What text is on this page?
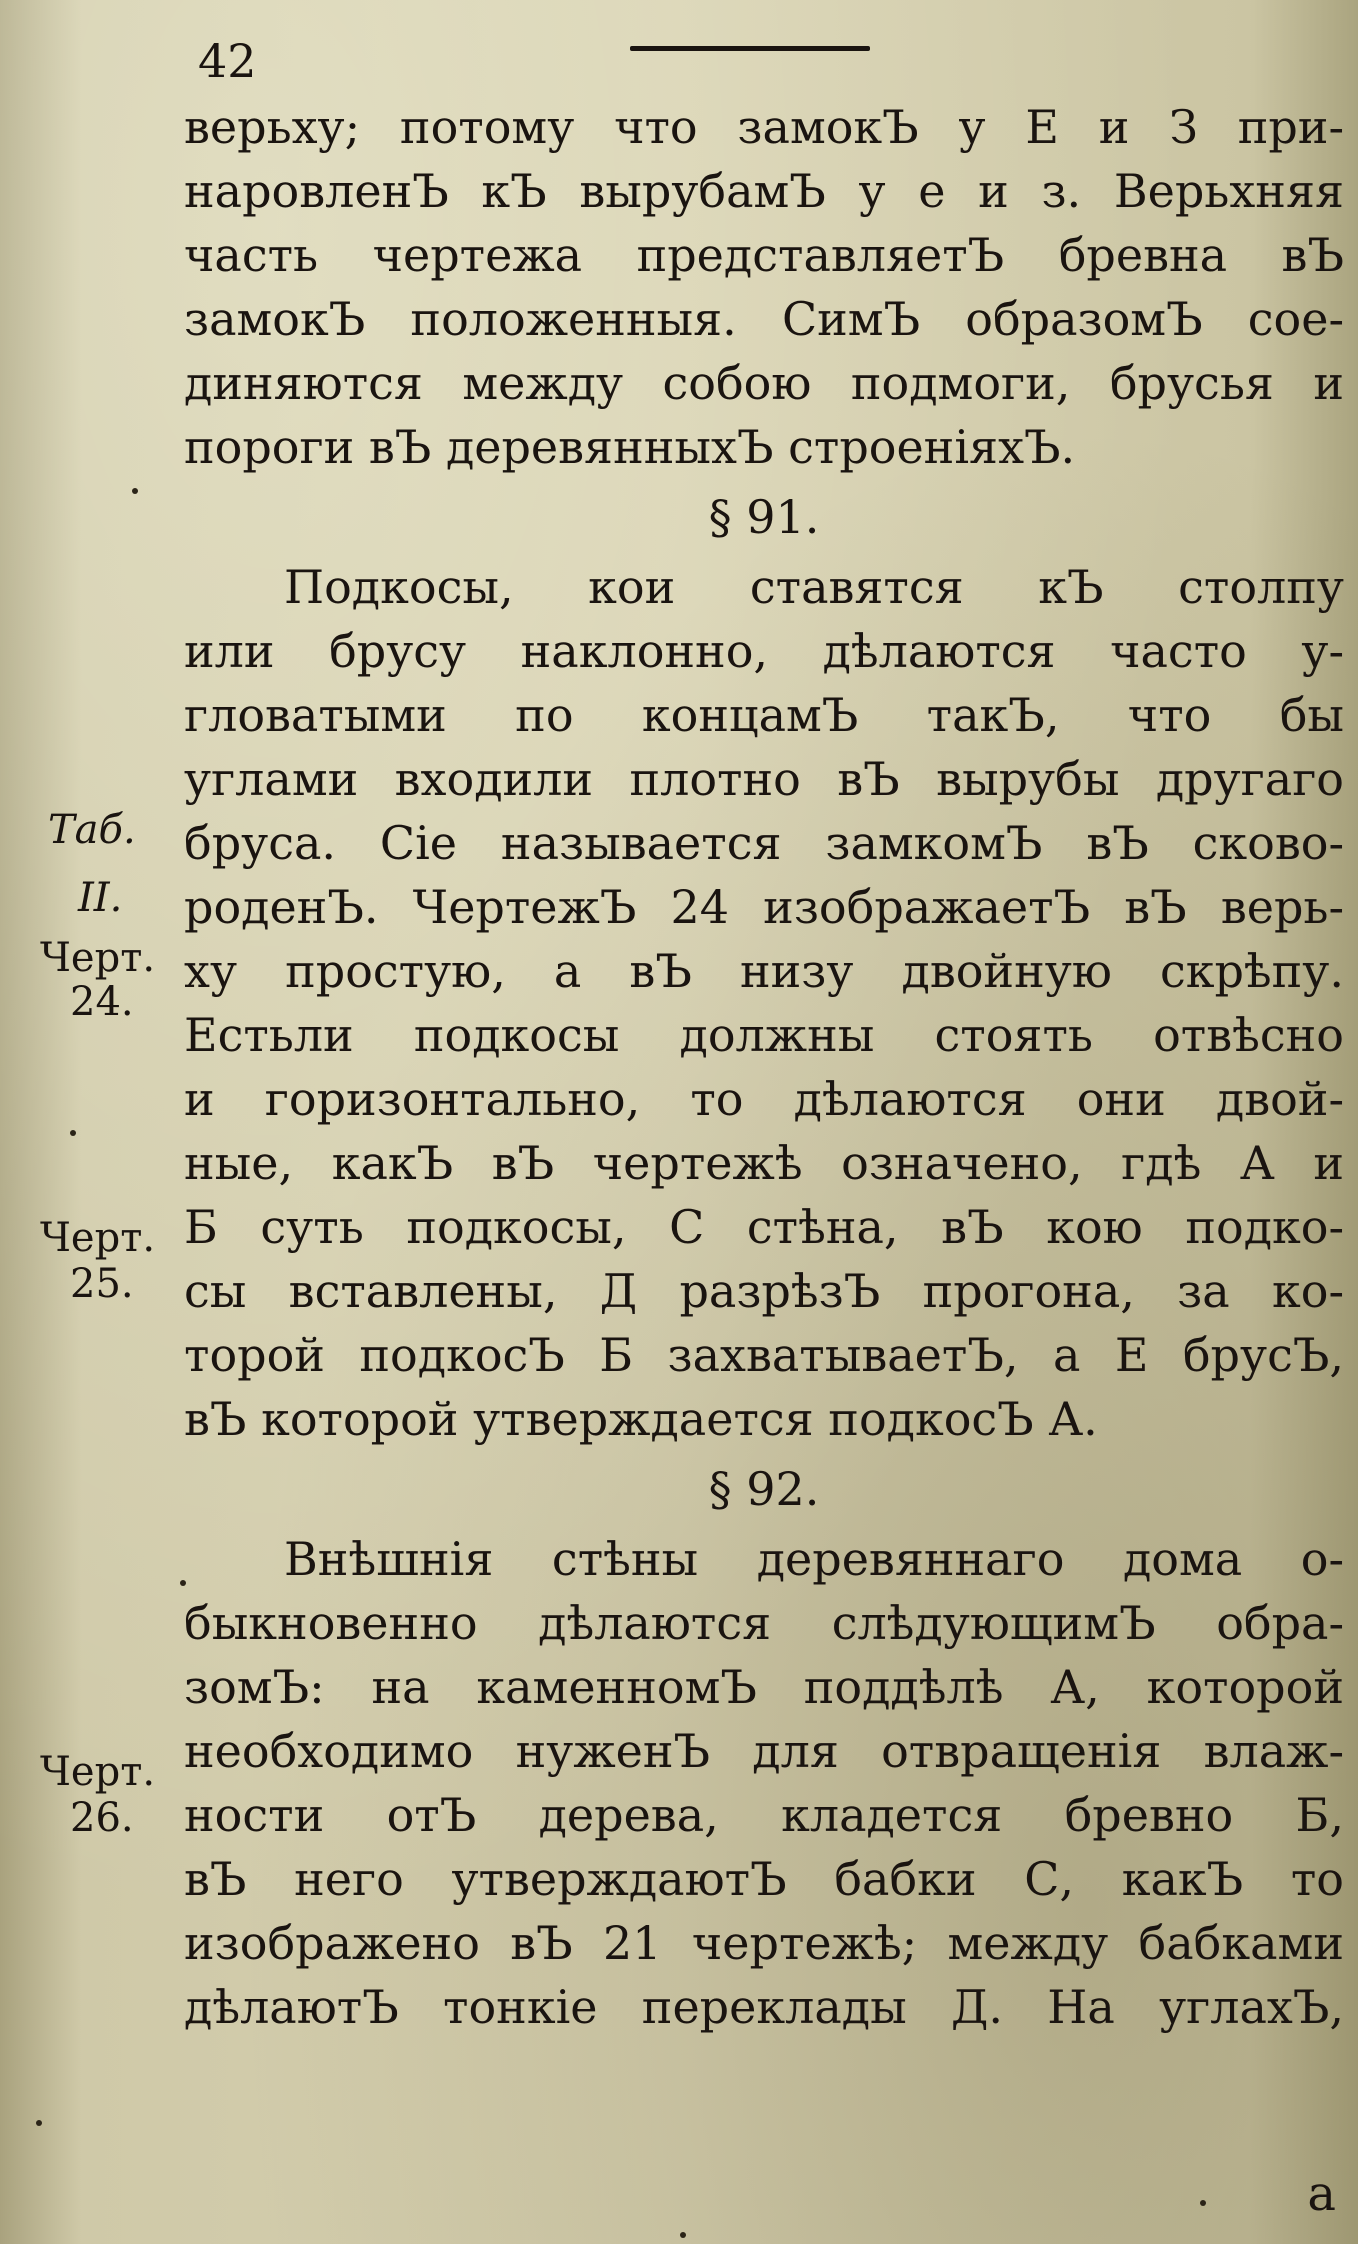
42
верьху; потому что замокЪ у Е и З при-
наровленЪ кЪ вырубамЪ у е и з. Верьхняя
часть чертежа представляетЪ бревна вЪ
замокЪ положенныя. СимЪ образомЪ сое-
диняются между собою подмоги, брусья и
пороги вЪ деревянныхЪ строенiяхЪ.
§ 91.
Подкосы, кои ставятся кЪ столпу
или брусу наклонно, дѣлаются часто у-
гловатыми по концамЪ такЪ, что бы
углами входили плотно вЪ вырубы другаго
бруса. Сiе называется замкомЪ вЪ сково-
роденЪ. ЧертежЪ 24 изображаетЪ вЪ верь-
ху простую, а вЪ низу двойную скрѣпу.
Естьли подкосы должны стоять отвѣсно
и горизонтально, то дѣлаются они двой-
ные, какЪ вЪ чертежѣ означено, гдѣ А и
Б суть подкосы, С стѣна, вЪ кою подко-
сы вставлены, Д разрѣзЪ прогона, за ко-
торой подкосЪ Б захватываетЪ, а Е брусЪ,
вЪ которой утверждается подкосЪ А.
§ 92.
Внѣшнiя стѣны деревяннаго дома о-
быкновенно дѣлаются слѣдующимЪ обра-
зомЪ: на каменномЪ поддѣлѣ А, которой
необходимо нуженЪ для отвращенiя влаж-
ности отЪ дерева, кладется бревно Б,
вЪ него утверждаютЪ бабки С, какЪ то
изображено вЪ 21 чертежѣ; между бабками
дѣлаютЪ тонкiе переклады Д. На углахЪ,
Таб.
II.
Черт.
24.
Черт.
25.
Черт.
26.
а
